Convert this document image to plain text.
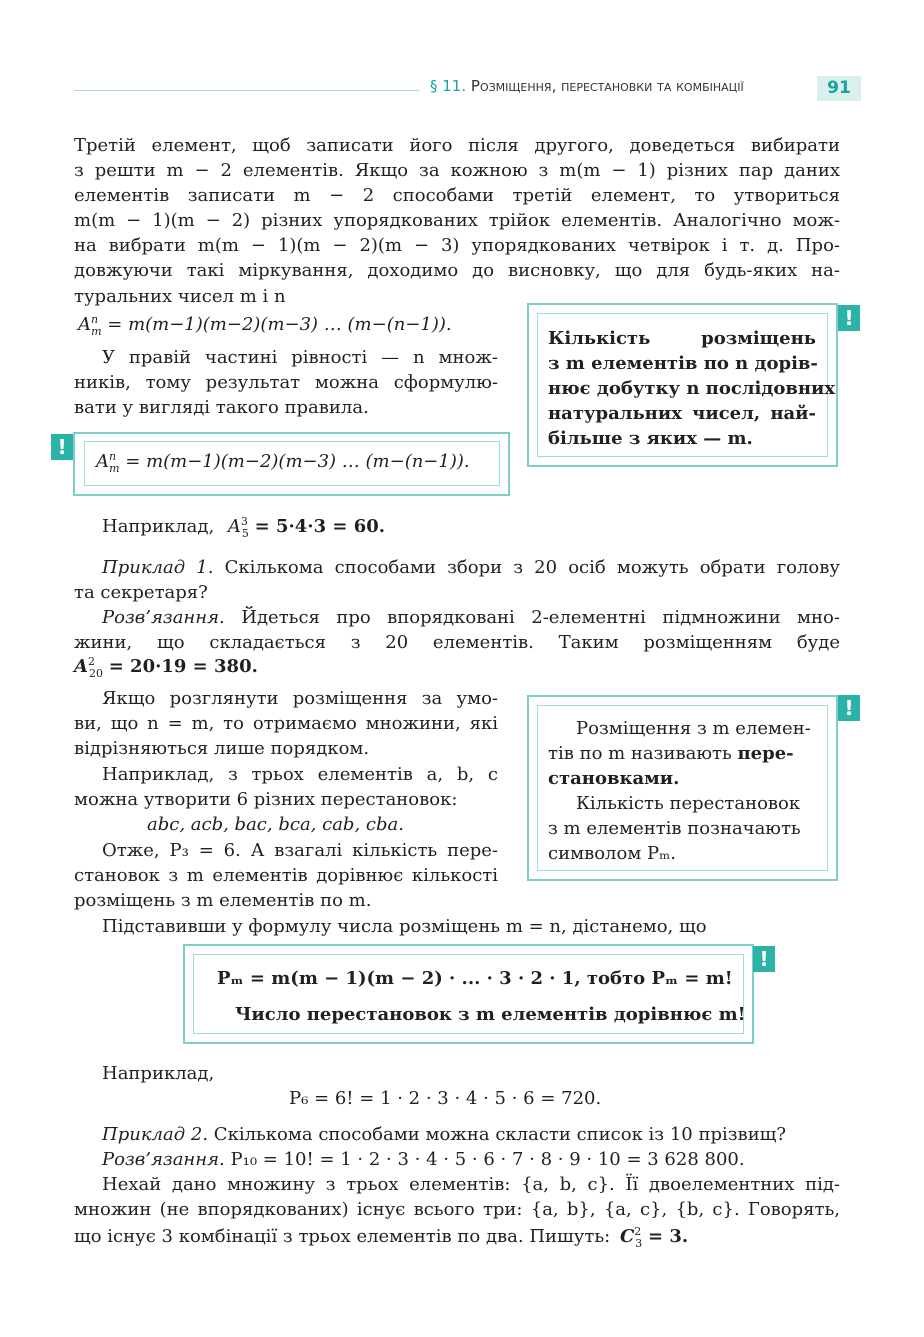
§ 11. Розміщення, перестановки та комбінації	91
Третій елемент, щоб записати його після другого, доведеться вибирати
з решти m − 2 елементів. Якщо за кожною з m(m − 1) різних пар даних
елементів записати m − 2 способами третій елемент, то утвориться
m(m − 1)(m − 2) різних упорядкованих трійок елементів. Аналогічно мож-
на вибрати m(m − 1)(m − 2)(m − 3) упорядкованих четвірок і т. д. Про-
довжуючи такі міркування, доходимо до висновку, що для будь-яких на-
туральних чисел m і n
$A^n_m = m(m-1)(m-2)(m-3)$ … (m−(n−1)).	!
Кількість розміщень
з m елементів по n дорів-
нює добутку n послідовних
натуральних чисел, най-
більше з яких — m.
У правій частині рівності — n множ-
ників, тому результат можна сформулю-
вати у вигляді такого правила.
!
$A^n_m = m(m-1)(m-2)(m-3)$ … (m−(n−1)).
Наприклад, $A^3_5 = 5\cdot 4\cdot 3 = 60$.
Приклад 1. Скількома способами збори з 20 осіб можуть обрати голову
та секретаря?
Розв’язання. Йдеться про впорядковані 2-елементні підмножини мно-
жини, що складається з 20 елементів. Таким розміщенням буде
$A^2_{20} = 20\cdot 19 = 380$.
Якщо розглянути розміщення за умо-
ви, що n = m, то отримаємо множини, які
відрізняються лише порядком.
Наприклад, з трьох елементів a, b, c
можна утворити 6 різних перестановок:
abc, acb, bac, bca, cab, cba.
Отже, P₃ = 6. А взагалі кількість пере-
становок з m елементів дорівнює кількості
розміщень з m елементів по m.
!
Розміщення з m елемен-
тів по m називають пере-
становками.
Кількість перестановок
з m елементів позначають
символом Pₘ.
Підставивши у формулу числа розміщень m = n, дістанемо, що
!
Pₘ = m(m − 1)(m − 2) · ... · 3 · 2 · 1, тобто Pₘ = m!
Число перестановок з m елементів дорівнює m!
Наприклад,
P₆ = 6! = 1 · 2 · 3 · 4 · 5 · 6 = 720.
Приклад 2. Скількома способами можна скласти список із 10 прізвищ?
Розв’язання. P₁₀ = 10! = 1 · 2 · 3 · 4 · 5 · 6 · 7 · 8 · 9 · 10 = 3 628 800.
Нехай дано множину з трьох елементів: {a, b, c}. Її двоелементних під-
множин (не впорядкованих) існує всього три: {a, b}, {a, c}, {b, c}. Говорять,
що існує 3 комбінації з трьох елементів по два. Пишуть: $C^2_3 = 3$.
